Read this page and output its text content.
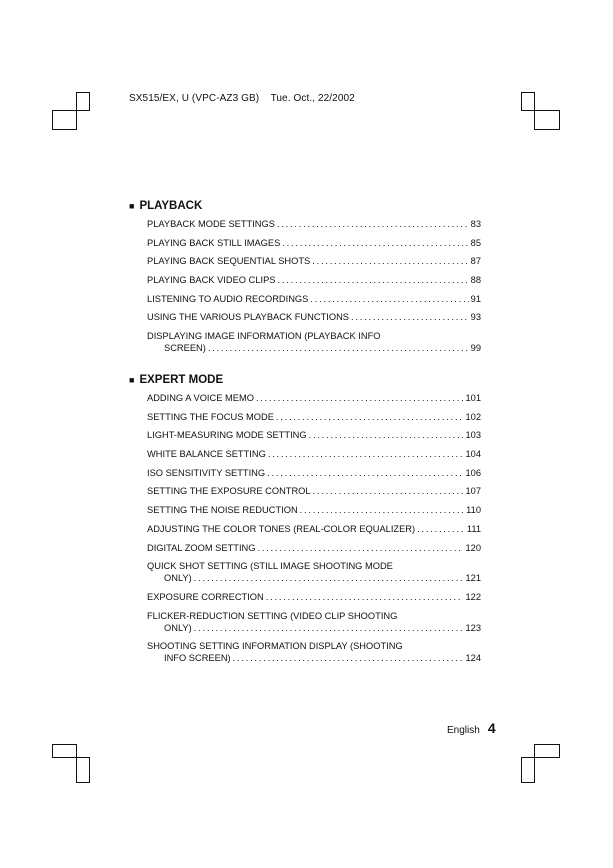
SX515/EX, U (VPC-AZ3 GB) Tue. Oct., 22/2002
■ PLAYBACK
PLAYBACK MODE SETTINGS . . .	83
PLAYING BACK STILL IMAGES . . .	85
PLAYING BACK SEQUENTIAL SHOTS . . .	87
PLAYING BACK VIDEO CLIPS . . .	88
LISTENING TO AUDIO RECORDINGS . . .	91
USING THE VARIOUS PLAYBACK FUNCTIONS . . .	93
DISPLAYING IMAGE INFORMATION (PLAYBACK INFO
SCREEN) . . .	99
■ EXPERT MODE
ADDING A VOICE MEMO . . .	101
SETTING THE FOCUS MODE . . .	102
LIGHT-MEASURING MODE SETTING . . .	103
WHITE BALANCE SETTING . . .	104
ISO SENSITIVITY SETTING . . .	106
SETTING THE EXPOSURE CONTROL . . .	107
SETTING THE NOISE REDUCTION . . .	110
ADJUSTING THE COLOR TONES (REAL-COLOR EQUALIZER) . . .	111
DIGITAL ZOOM SETTING . . .	120
QUICK SHOT SETTING (STILL IMAGE SHOOTING MODE
ONLY) . . .	121
EXPOSURE CORRECTION . . .	122
FLICKER-REDUCTION SETTING (VIDEO CLIP SHOOTING
ONLY) . . .	123
SHOOTING SETTING INFORMATION DISPLAY (SHOOTING
INFO SCREEN) . . .	124
English 4
